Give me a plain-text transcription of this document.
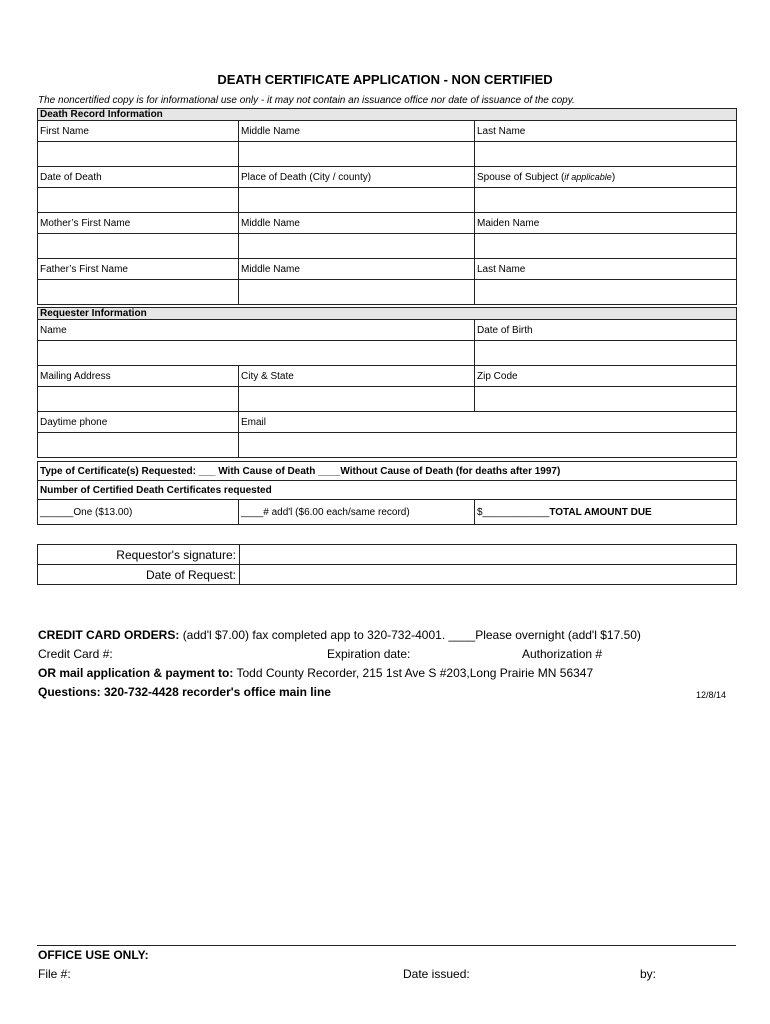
DEATH CERTIFICATE APPLICATION - NON CERTIFIED
The noncertified copy is for informational use only - it may not contain an issuance office nor date of issuance of the copy.
Death Record Information		
First Name	Middle Name	Last Name

Date of Death	Place of Death (City / county)	Spouse of Subject (if applicable)

Mother’s First Name	Middle Name	Maiden Name

Father’s First Name	Middle Name	Last Name

Requester Information		
Name		Date of Birth

Mailing Address	City & State	Zip Code

Daytime phone	Email	

Type of Certificate(s) Requested: ___ With Cause of Death ____Without Cause of Death (for deaths after 1997)
Number of Certified Death Certificates requested
______One ($13.00)	____# add'l ($6.00 each/same record)	$____________TOTAL AMOUNT DUE
Requestor's signature:	
Date of Request:	
CREDIT CARD ORDERS: (add'l $7.00) fax completed app to 320-732-4001. ____Please overnight (add'l $17.50)
Credit Card #:	Expiration date:	Authorization #
OR mail application & payment to: Todd County Recorder, 215 1st Ave S #203,Long Prairie MN 56347
Questions: 320-732-4428 recorder's office main line	12/8/14
OFFICE USE ONLY:
File #:	Date issued:	by:
